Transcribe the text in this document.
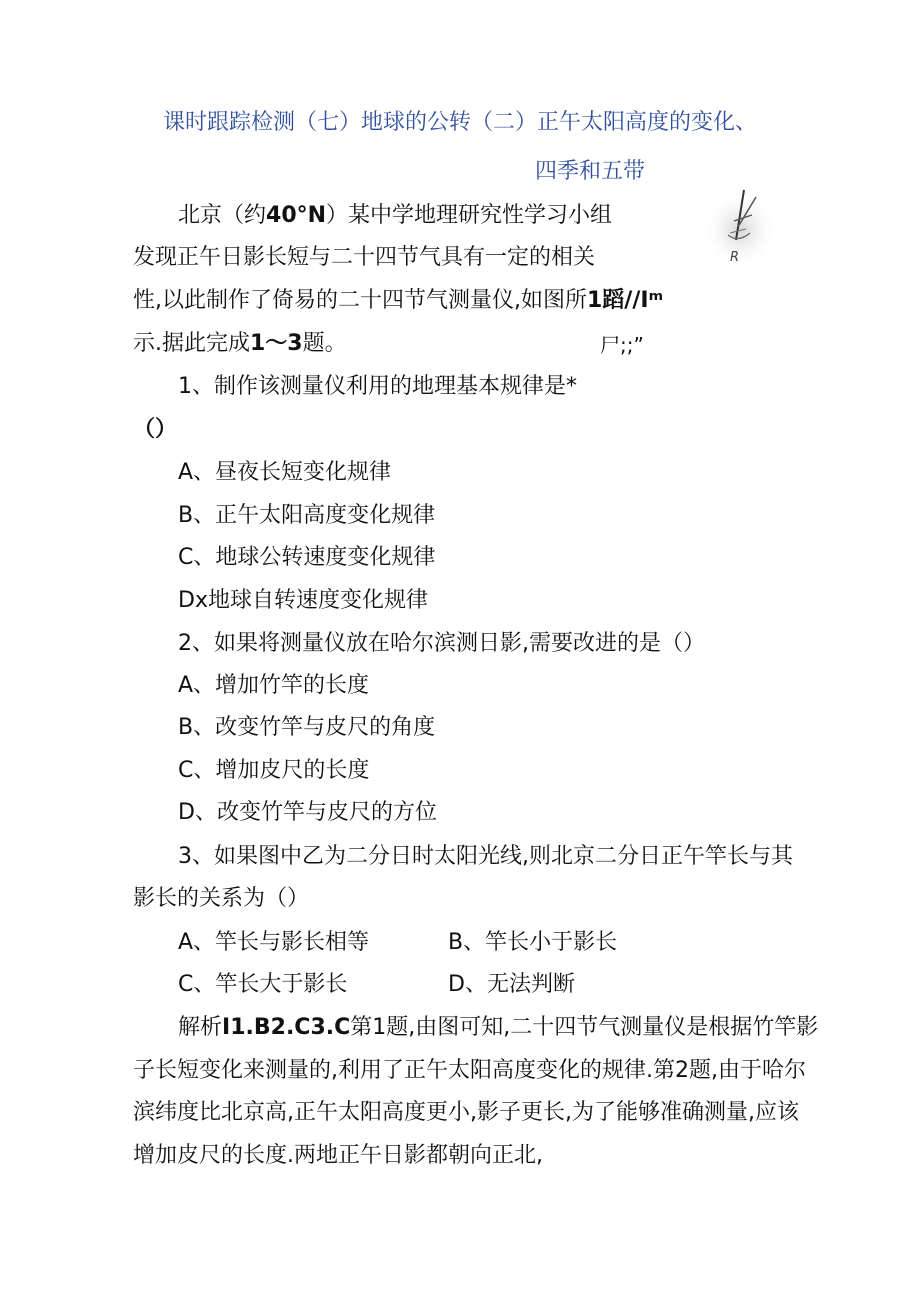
课时跟踪检测（七）地球的公转（二）正午太阳高度的变化、
四季和五带
北京（约40°N）某中学地理研究性学习小组
发现正午日影长短与二十四节气具有一定的相关
性,以此制作了倚易的二十四节气测量仪,如图所1蹈//Iᵐ
示.据此完成1〜3题。
R
尸;;”
1、制作该测量仪利用的地理基本规律是*
（）
A、昼夜长短变化规律
B、正午太阳高度变化规律
C、地球公转速度变化规律
Dx地球自转速度变化规律
2、如果将测量仪放在哈尔滨测日影,需要改进的是（）
A、增加竹竿的长度
B、改变竹竿与皮尺的角度
C、增加皮尺的长度
D、改变竹竿与皮尺的方位
3、如果图中乙为二分日时太阳光线,则北京二分日正午竿长与其
影长的关系为（）
A、竿长与影长相等	B、竿长小于影长
C、竿长大于影长	D、无法判断
解析I1.B2.C3.C第1题,由图可知,二十四节气测量仪是根据竹竿影
子长短变化来测量的,利用了正午太阳高度变化的规律.第2题,由于哈尔
滨纬度比北京高,正午太阳高度更小,影子更长,为了能够准确测量,应该
增加皮尺的长度.两地正午日影都朝向正北,
